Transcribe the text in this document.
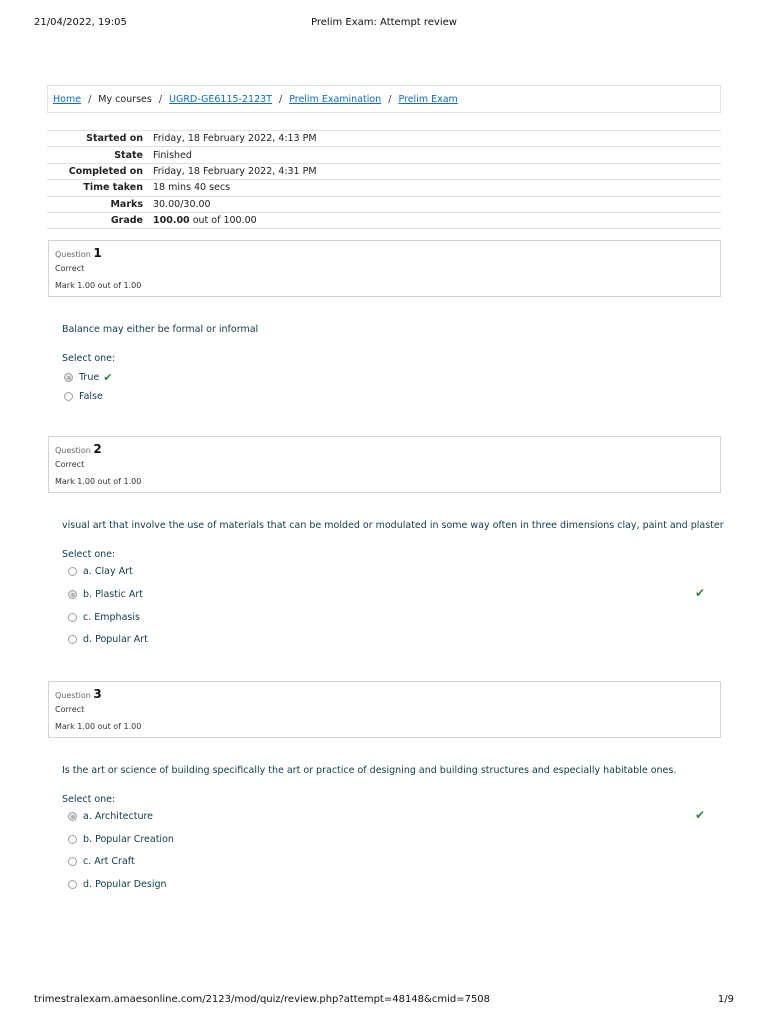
21/04/2022, 19:05	Prelim Exam: Attempt review
Home / My courses / UGRD-GE6115-2123T / Prelim Examination / Prelim Exam
Started on	Friday, 18 February 2022, 4:13 PM
State	Finished
Completed on	Friday, 18 February 2022, 4:31 PM
Time taken	18 mins 40 secs
Marks	30.00/30.00
Grade	100.00 out of 100.00
Question 1
Correct
Mark 1.00 out of 1.00
Balance may either be formal or informal
Select one:
True ✔
False
Question 2
Correct
Mark 1.00 out of 1.00
visual art that involve the use of materials that can be molded or modulated in some way often in three dimensions clay, paint and plaster
Select one:
a. Clay Art
b. Plastic Art	✔
c. Emphasis
d. Popular Art
Question 3
Correct
Mark 1.00 out of 1.00
Is the art or science of building specifically the art or practice of designing and building structures and especially habitable ones.
Select one:
a. Architecture	✔
b. Popular Creation
c. Art Craft
d. Popular Design
trimestralexam.amaesonline.com/2123/mod/quiz/review.php?attempt=48148&cmid=7508	1/9
